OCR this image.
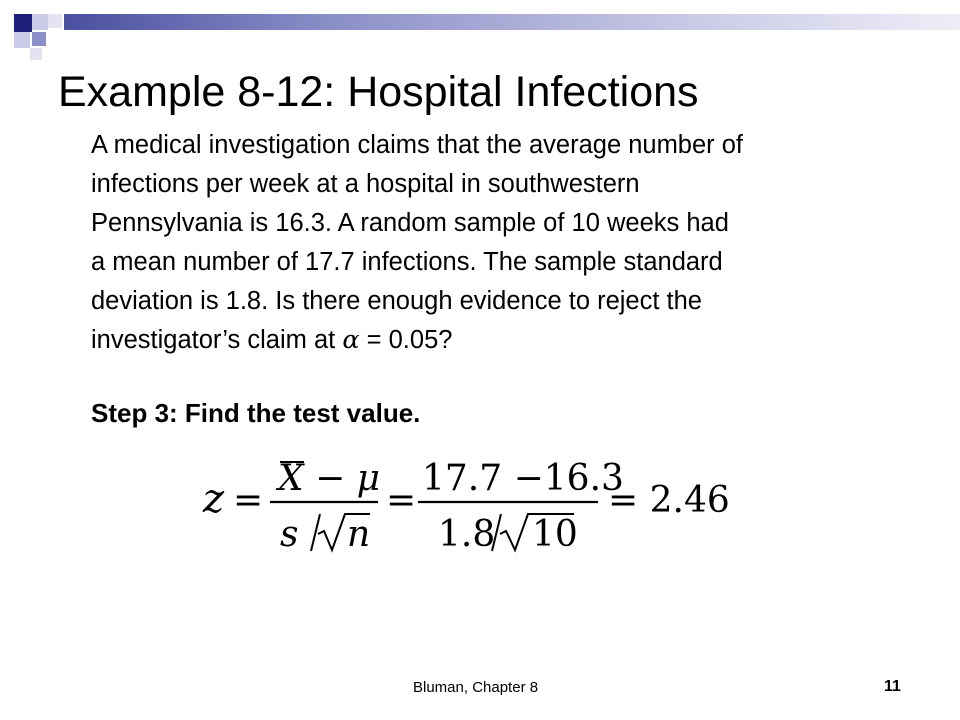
Example 8-12: Hospital Infections

A medical investigation claims that the average number of

infections per week at a hospital in southwestern

Pennsylvania is 16.3. A random sample of 10 weeks had

a mean number of 17.7 infections. The sample standard

deviation is 1.8. Is there enough evidence to reject the

investigator’s claim at α = 0.05?

Step 3: Find the test value.
z =
X − μ
s n
=
17.7 −16.3
1.8 10
= 2.46
Bluman, Chapter 8	11
